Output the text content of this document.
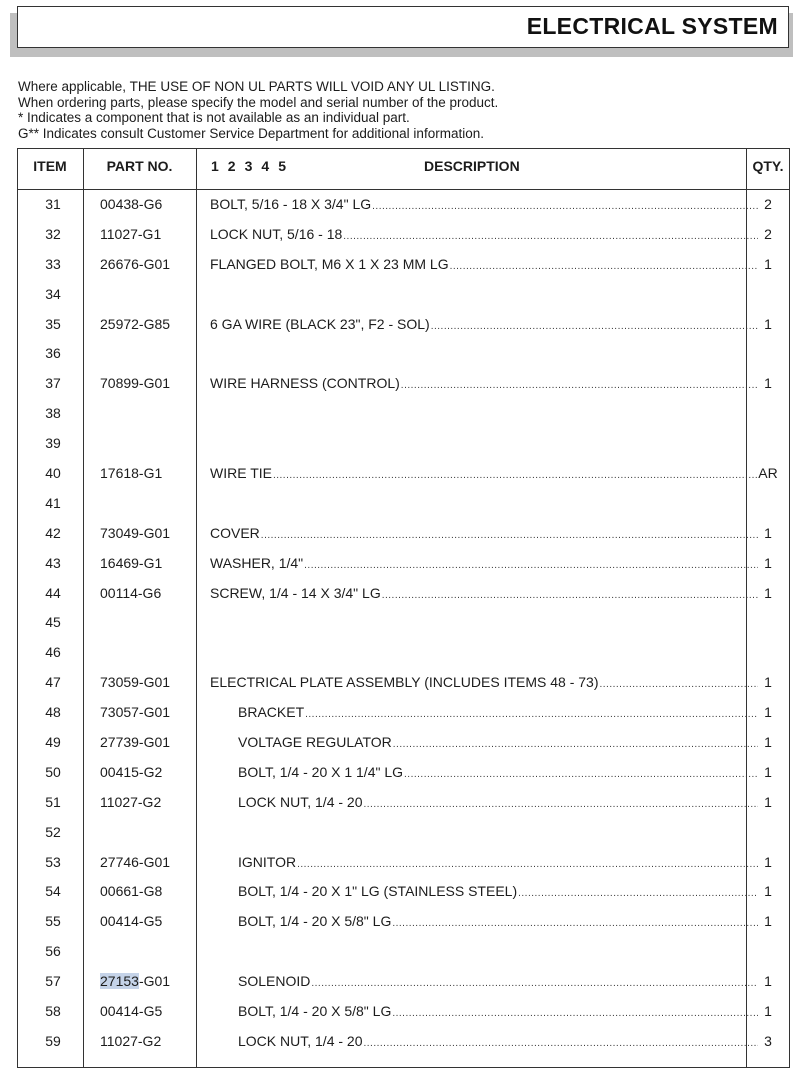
ELECTRICAL SYSTEM
Where applicable, THE USE OF NON UL PARTS WILL VOID ANY UL LISTING.
When ordering parts, please specify the model and serial number of the product.
* Indicates a component that is not available as an individual part.
G** Indicates consult Customer Service Department for additional information.
ITEM	PART NO.	1 2 3 4 5	DESCRIPTION	QTY.
31	00438-G6	BOLT, 5/16 - 18 X 3/4" LG .....	2
32	11027-G1	LOCK NUT, 5/16 - 18 .....	2
33	26676-G01	FLANGED BOLT, M6 X 1 X 23 MM LG .....	1
34
35	25972-G85	6 GA WIRE (BLACK 23", F2 - SOL) .....	1
36
37	70899-G01	WIRE HARNESS (CONTROL) .....	1
38
39
40	17618-G1	WIRE TIE .....	AR
41
42	73049-G01	COVER .....	1
43	16469-G1	WASHER, 1/4" .....	1
44	00114-G6	SCREW, 1/4 - 14 X 3/4" LG .....	1
45
46
47	73059-G01	ELECTRICAL PLATE ASSEMBLY (INCLUDES ITEMS 48 - 73) .....	1
48	73057-G01	BRACKET .....	1
49	27739-G01	VOLTAGE REGULATOR .....	1
50	00415-G2	BOLT, 1/4 - 20 X 1 1/4" LG .....	1
51	11027-G2	LOCK NUT, 1/4 - 20 .....	1
52
53	27746-G01	IGNITOR .....	1
54	00661-G8	BOLT, 1/4 - 20 X 1" LG (STAINLESS STEEL) .....	1
55	00414-G5	BOLT, 1/4 - 20 X 5/8" LG .....	1
56
57	27153-G01	SOLENOID .....	1
58	00414-G5	BOLT, 1/4 - 20 X 5/8" LG .....	1
59	11027-G2	LOCK NUT, 1/4 - 20 .....	3
